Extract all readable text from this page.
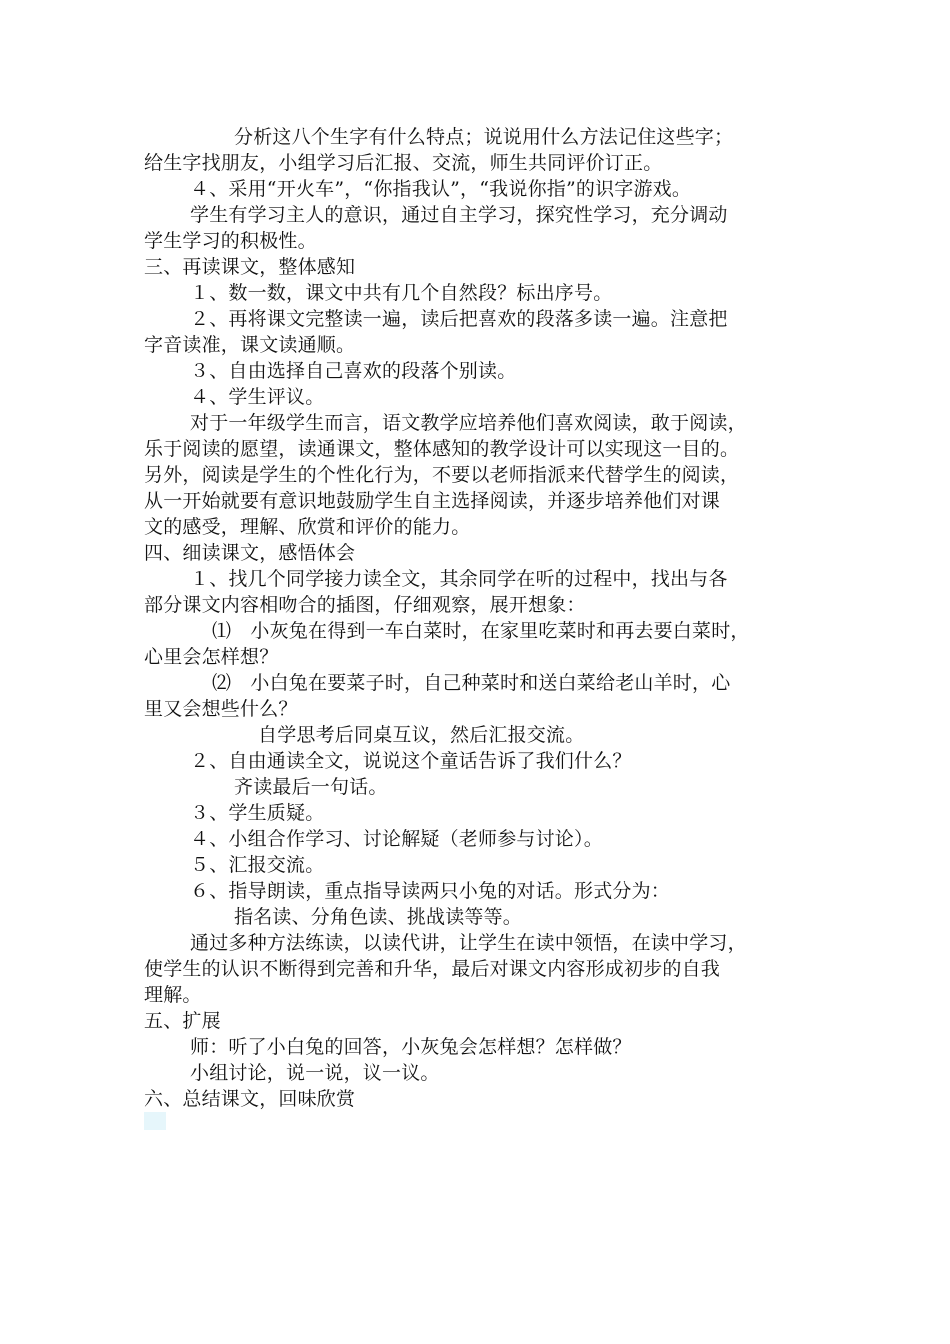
分析这八个生字有什么特点；说说用什么方法记住这些字；
给生字找朋友，小组学习后汇报、交流，师生共同评价订正。
４、采用“开火车”，“你指我认”，“我说你指”的识字游戏。
学生有学习主人的意识，通过自主学习，探究性学习，充分调动
学生学习的积极性。
三、再读课文，整体感知
１、数一数，课文中共有几个自然段？标出序号。
２、再将课文完整读一遍，读后把喜欢的段落多读一遍。注意把
字音读准，课文读通顺。
３、自由选择自己喜欢的段落个别读。
４、学生评议。
对于一年级学生而言，语文教学应培养他们喜欢阅读，敢于阅读，
乐于阅读的愿望，读通课文，整体感知的教学设计可以实现这一目的。
另外，阅读是学生的个性化行为，不要以老师指派来代替学生的阅读，
从一开始就要有意识地鼓励学生自主选择阅读，并逐步培养他们对课
文的感受，理解、欣赏和评价的能力。
四、细读课文，感悟体会
１、找几个同学接力读全文，其余同学在听的过程中，找出与各
部分课文内容相吻合的插图，仔细观察，展开想象：
⑴　小灰兔在得到一车白菜时，在家里吃菜时和再去要白菜时，
心里会怎样想？
⑵　小白兔在要菜子时，自己种菜时和送白菜给老山羊时，心
里又会想些什么？
自学思考后同桌互议，然后汇报交流。
２、自由通读全文，说说这个童话告诉了我们什么？
齐读最后一句话。
３、学生质疑。
４、小组合作学习、讨论解疑（老师参与讨论）。
５、汇报交流。
６、指导朗读，重点指导读两只小兔的对话。形式分为：
指名读、分角色读、挑战读等等。
通过多种方法练读，以读代讲，让学生在读中领悟，在读中学习，
使学生的认识不断得到完善和升华，最后对课文内容形成初步的自我
理解。
五、扩展
师：听了小白兔的回答，小灰兔会怎样想？怎样做？
小组讨论，说一说，议一议。
六、总结课文，回味欣赏
